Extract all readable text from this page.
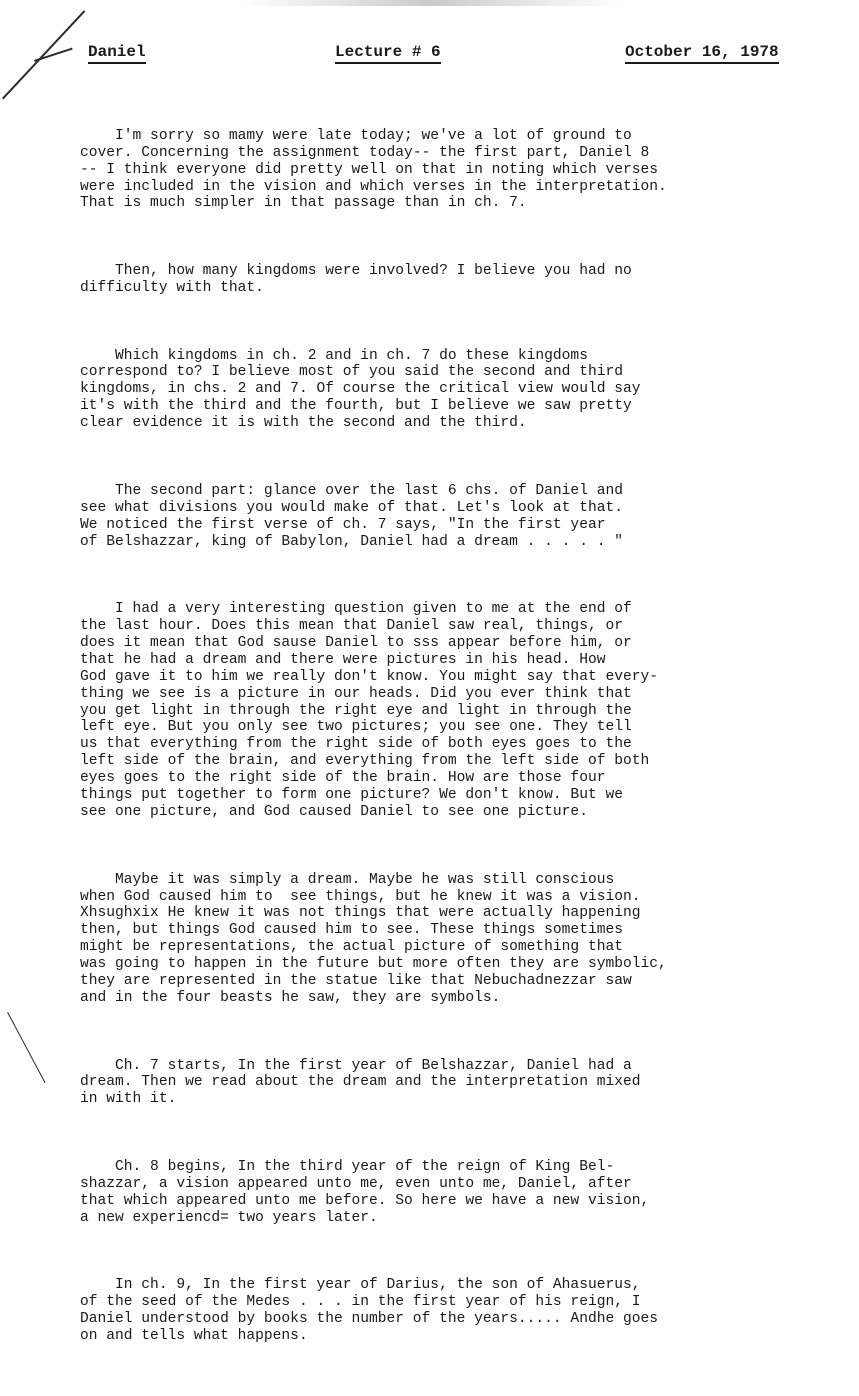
Daniel	Lecture # 6	October 16, 1978

I'm sorry so mamy were late today; we've a lot of ground to
cover. Concerning the assignment today-- the first part, Daniel 8
-- I think everyone did pretty well on that in noting which verses
were included in the vision and which verses in the interpretation.
That is much simpler in that passage than in ch. 7.

Then, how many kingdoms were involved? I believe you had no
difficulty with that.

Which kingdoms in ch. 2 and in ch. 7 do these kingdoms
correspond to? I believe most of you said the second and third
kingdoms, in chs. 2 and 7. Of course the critical view would say
it's with the third and the fourth, but I believe we saw pretty
clear evidence it is with the second and the third.

The second part: glance over the last 6 chs. of Daniel and
see what divisions you would make of that. Let's look at that.
We noticed the first verse of ch. 7 says, "In the first year
of Belshazzar, king of Babylon, Daniel had a dream . . . . . "

I had a very interesting question given to me at the end of
the last hour. Does this mean that Daniel saw real, things, or
does it mean that God sause Daniel to sss appear before him, or
that he had a dream and there were pictures in his head. How
God gave it to him we really don't know. You might say that every-
thing we see is a picture in our heads. Did you ever think that
you get light in through the right eye and light in through the
left eye. But you only see two pictures; you see one. They tell
us that everything from the right side of both eyes goes to the
left side of the brain, and everything from the left side of both
eyes goes to the right side of the brain. How are those four
things put together to form one picture? We don't know. But we
see one picture, and God caused Daniel to see one picture.

Maybe it was simply a dream. Maybe he was still conscious
when God caused him to  see things, but he knew it was a vision.
Xhsughxix He knew it was not things that were actually happening
then, but things God caused him to see. These things sometimes
might be representations, the actual picture of something that
was going to happen in the future but more often they are symbolic,
they are represented in the statue like that Nebuchadnezzar saw
and in the four beasts he saw, they are symbols.

Ch. 7 starts, In the first year of Belshazzar, Daniel had a
dream. Then we read about the dream and the interpretation mixed
in with it.

Ch. 8 begins, In the third year of the reign of King Bel-
shazzar, a vision appeared unto me, even unto me, Daniel, after
that which appeared unto me before. So here we have a new vision,
a new experiencd= two years later.

In ch. 9, In the first year of Darius, the son of Ahasuerus,
of the seed of the Medes . . . in the first year of his reign, I
Daniel understood by books the number of the years..... Andhe goes
on and tells what happens.
